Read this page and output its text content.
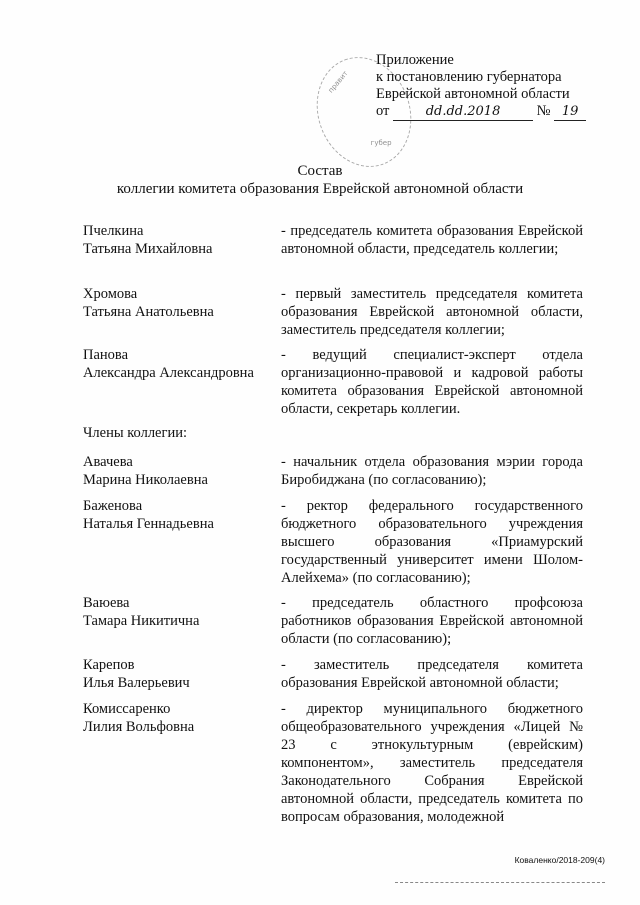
правит
губер
Приложение
к постановлению губернатора
Еврейской автономной области
от	dd.dd.2018	№ 19
Состав
коллегии комитета образования Еврейской автономной области
Пчелкина
Татьяна Михайловна
- председатель комитета образования Еврейской автономной области, председатель коллегии;
Хромова
Татьяна Анатольевна
- первый заместитель председателя комитета образования Еврейской автономной области, заместитель председателя коллегии;
Панова
Александра Александровна
- ведущий специалист-эксперт отдела организационно-правовой и кадровой работы комитета образования Еврейской автономной области, секретарь коллегии.
Члены коллегии:
Авачева
Марина Николаевна
- начальник отдела образования мэрии города Биробиджана (по согласованию);
Баженова
Наталья Геннадьевна
- ректор федерального государственного бюджетного образовательного учреждения высшего образования «Приамурский государственный университет имени Шолом-Алейхема» (по согласованию);
Ваюева
Тамара Никитична
- председатель областного профсоюза работников образования Еврейской автономной области (по согласованию);
Карепов
Илья Валерьевич
- заместитель председателя комитета образования Еврейской автономной области;
Комиссаренко
Лилия Вольфовна
- директор муниципального бюджетного общеобразовательного учреждения «Лицей № 23 с этнокультурным (еврейским) компонентом», заместитель председателя Законодательного Собрания Еврейской автономной области, председатель комитета по вопросам образования, молодежной
Коваленко/2018-209(4)
